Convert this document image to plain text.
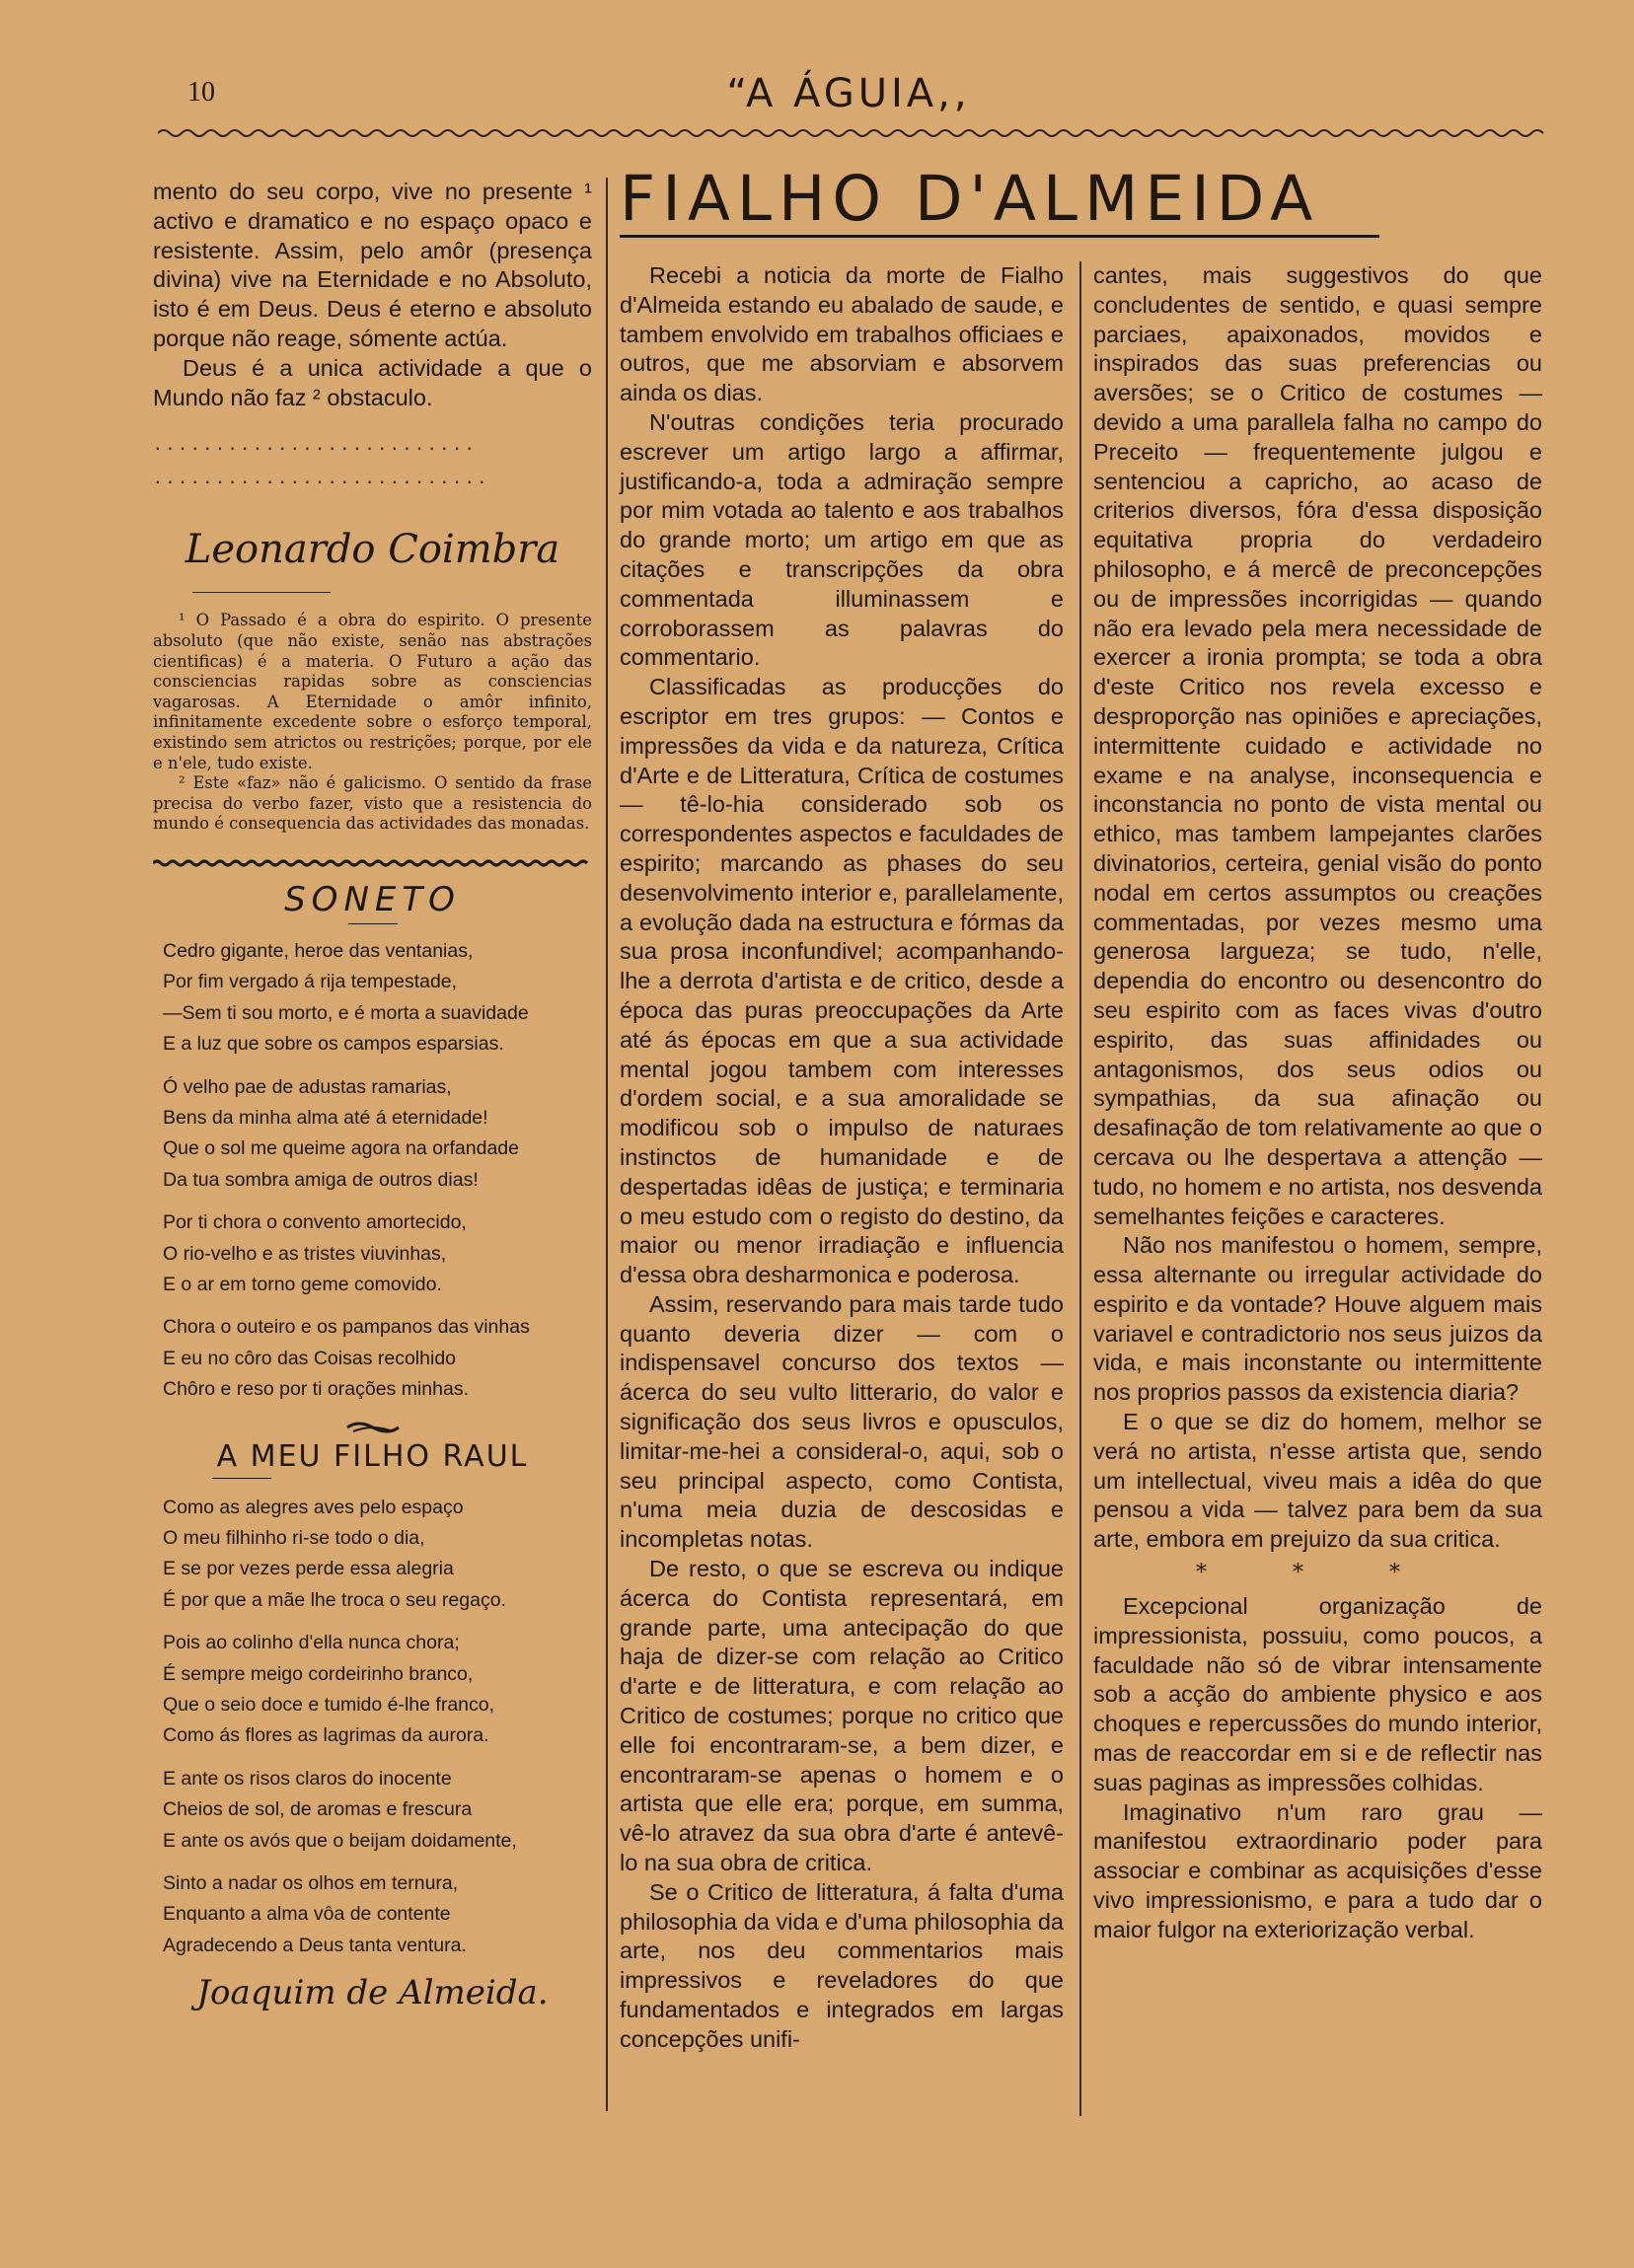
10	“A ÁGUIA,,

mento do seu corpo, vive no presente ¹ activo e dramatico e no espaço opaco e resistente. Assim, pelo amôr (presença divina) vive na Eternidade e no Absoluto, isto é em Deus. Deus é eterno e absoluto porque não reage, sómente actúa.

Deus é a unica actividade a que o Mundo não faz ² obstaculo.

..........................
...........................
Leonardo Coimbra

¹ O Passado é a obra do espirito. O presente absoluto (que não existe, senão nas abstrações cientificas) é a materia. O Futuro a ação das consciencias rapidas sobre as consciencias vagarosas. A Eternidade o amôr infinito, infinitamente excedente sobre o esforço temporal, existindo sem atrictos ou restrições; porque, por ele e n'ele, tudo existe.

² Este «faz» não é galicismo. O sentido da frase precisa do verbo fazer, visto que a resistencia do mundo é consequencia das actividades das monadas.

SONETO
Cedro gigante, heroe das ventanias,
Por fim vergado á rija tempestade,
—Sem ti sou morto, e é morta a suavidade
E a luz que sobre os campos esparsias.
Ó velho pae de adustas ramarias,
Bens da minha alma até á eternidade!
Que o sol me queime agora na orfandade
Da tua sombra amiga de outros dias!
Por ti chora o convento amortecido,
O rio-velho e as tristes viuvinhas,
E o ar em torno geme comovido.
Chora o outeiro e os pampanos das vinhas
E eu no côro das Coisas recolhido
Chôro e reso por ti orações minhas.
A MEU FILHO RAUL
Como as alegres aves pelo espaço
O meu filhinho ri-se todo o dia,
E se por vezes perde essa alegria
É por que a mãe lhe troca o seu regaço.
Pois ao colinho d'ella nunca chora;
É sempre meigo cordeirinho branco,
Que o seio doce e tumido é-lhe franco,
Como ás flores as lagrimas da aurora.
E ante os risos claros do inocente
Cheios de sol, de aromas e frescura
E ante os avós que o beijam doidamente,
Sinto a nadar os olhos em ternura,
Enquanto a alma vôa de contente
Agradecendo a Deus tanta ventura.
Joaquim de Almeida.
FIALHO D'ALMEIDA

Recebi a noticia da morte de Fialho d'Almeida estando eu abalado de saude, e tambem envolvido em trabalhos officiaes e outros, que me absorviam e absorvem ainda os dias.

N'outras condições teria procurado escrever um artigo largo a affirmar, justificando-a, toda a admiração sempre por mim votada ao talento e aos trabalhos do grande morto; um artigo em que as citações e transcripções da obra commentada illuminassem e corroborassem as palavras do commentario.

Classificadas as producções do escriptor em tres grupos: — Contos e impressões da vida e da natureza, Crítica d'Arte e de Litteratura, Crítica de costumes — tê-lo-hia considerado sob os correspondentes aspectos e faculdades de espirito; marcando as phases do seu desenvolvimento interior e, parallelamente, a evolução dada na estructura e fórmas da sua prosa inconfundivel; acompanhando-lhe a derrota d'artista e de critico, desde a época das puras preoccupações da Arte até ás épocas em que a sua actividade mental jogou tambem com interesses d'ordem social, e a sua amoralidade se modificou sob o impulso de naturaes instinctos de humanidade e de despertadas idêas de justiça; e terminaria o meu estudo com o registo do destino, da maior ou menor irradiação e influencia d'essa obra desharmonica e poderosa.

Assim, reservando para mais tarde tudo quanto deveria dizer — com o indispensavel concurso dos textos — ácerca do seu vulto litterario, do valor e significação dos seus livros e opusculos, limitar-me-hei a consideral-o, aqui, sob o seu principal aspecto, como Contista, n'uma meia duzia de descosidas e incompletas notas.

De resto, o que se escreva ou indique ácerca do Contista representará, em grande parte, uma antecipação do que haja de dizer-se com relação ao Critico d'arte e de litteratura, e com relação ao Critico de costumes; porque no critico que elle foi encontraram-se, a bem dizer, e encontraram-se apenas o homem e o artista que elle era; porque, em summa, vê-lo atravez da sua obra d'arte é antevê-lo na sua obra de critica.

Se o Critico de litteratura, á falta d'uma philosophia da vida e d'uma philosophia da arte, nos deu commentarios mais impressivos e reveladores do que fundamentados e integrados em largas concepções unifi-

cantes, mais suggestivos do que concludentes de sentido, e quasi sempre parciaes, apaixonados, movidos e inspirados das suas preferencias ou aversões; se o Critico de costumes — devido a uma parallela falha no campo do Preceito — frequentemente julgou e sentenciou a capricho, ao acaso de criterios diversos, fóra d'essa disposição equitativa propria do verdadeiro philosopho, e á mercê de preconcepções ou de impressões incorrigidas — quando não era levado pela mera necessidade de exercer a ironia prompta; se toda a obra d'este Critico nos revela excesso e desproporção nas opiniões e apreciações, intermittente cuidado e actividade no exame e na analyse, inconsequencia e inconstancia no ponto de vista mental ou ethico, mas tambem lampejantes clarões divinatorios, certeira, genial visão do ponto nodal em certos assumptos ou creações commentadas, por vezes mesmo uma generosa largueza; se tudo, n'elle, dependia do encontro ou desencontro do seu espirito com as faces vivas d'outro espirito, das suas affinidades ou antagonismos, dos seus odios ou sympathias, da sua afinação ou desafinação de tom relativamente ao que o cercava ou lhe despertava a attenção — tudo, no homem e no artista, nos desvenda semelhantes feições e caracteres.

Não nos manifestou o homem, sempre, essa alternante ou irregular actividade do espirito e da vontade? Houve alguem mais variavel e contradictorio nos seus juizos da vida, e mais inconstante ou intermittente nos proprios passos da existencia diaria?

E o que se diz do homem, melhor se verá no artista, n'esse artista que, sendo um intellectual, viveu mais a idêa do que pensou a vida — talvez para bem da sua arte, embora em prejuizo da sua critica.

* * *

Excepcional organização de impressionista, possuiu, como poucos, a faculdade não só de vibrar intensamente sob a acção do ambiente physico e aos choques e repercussões do mundo interior, mas de reaccordar em si e de reflectir nas suas paginas as impressões colhidas.

Imaginativo n'um raro grau — manifestou extraordinario poder para associar e combinar as acquisições d'esse vivo impressionismo, e para a tudo dar o maior fulgor na exteriorização verbal.
